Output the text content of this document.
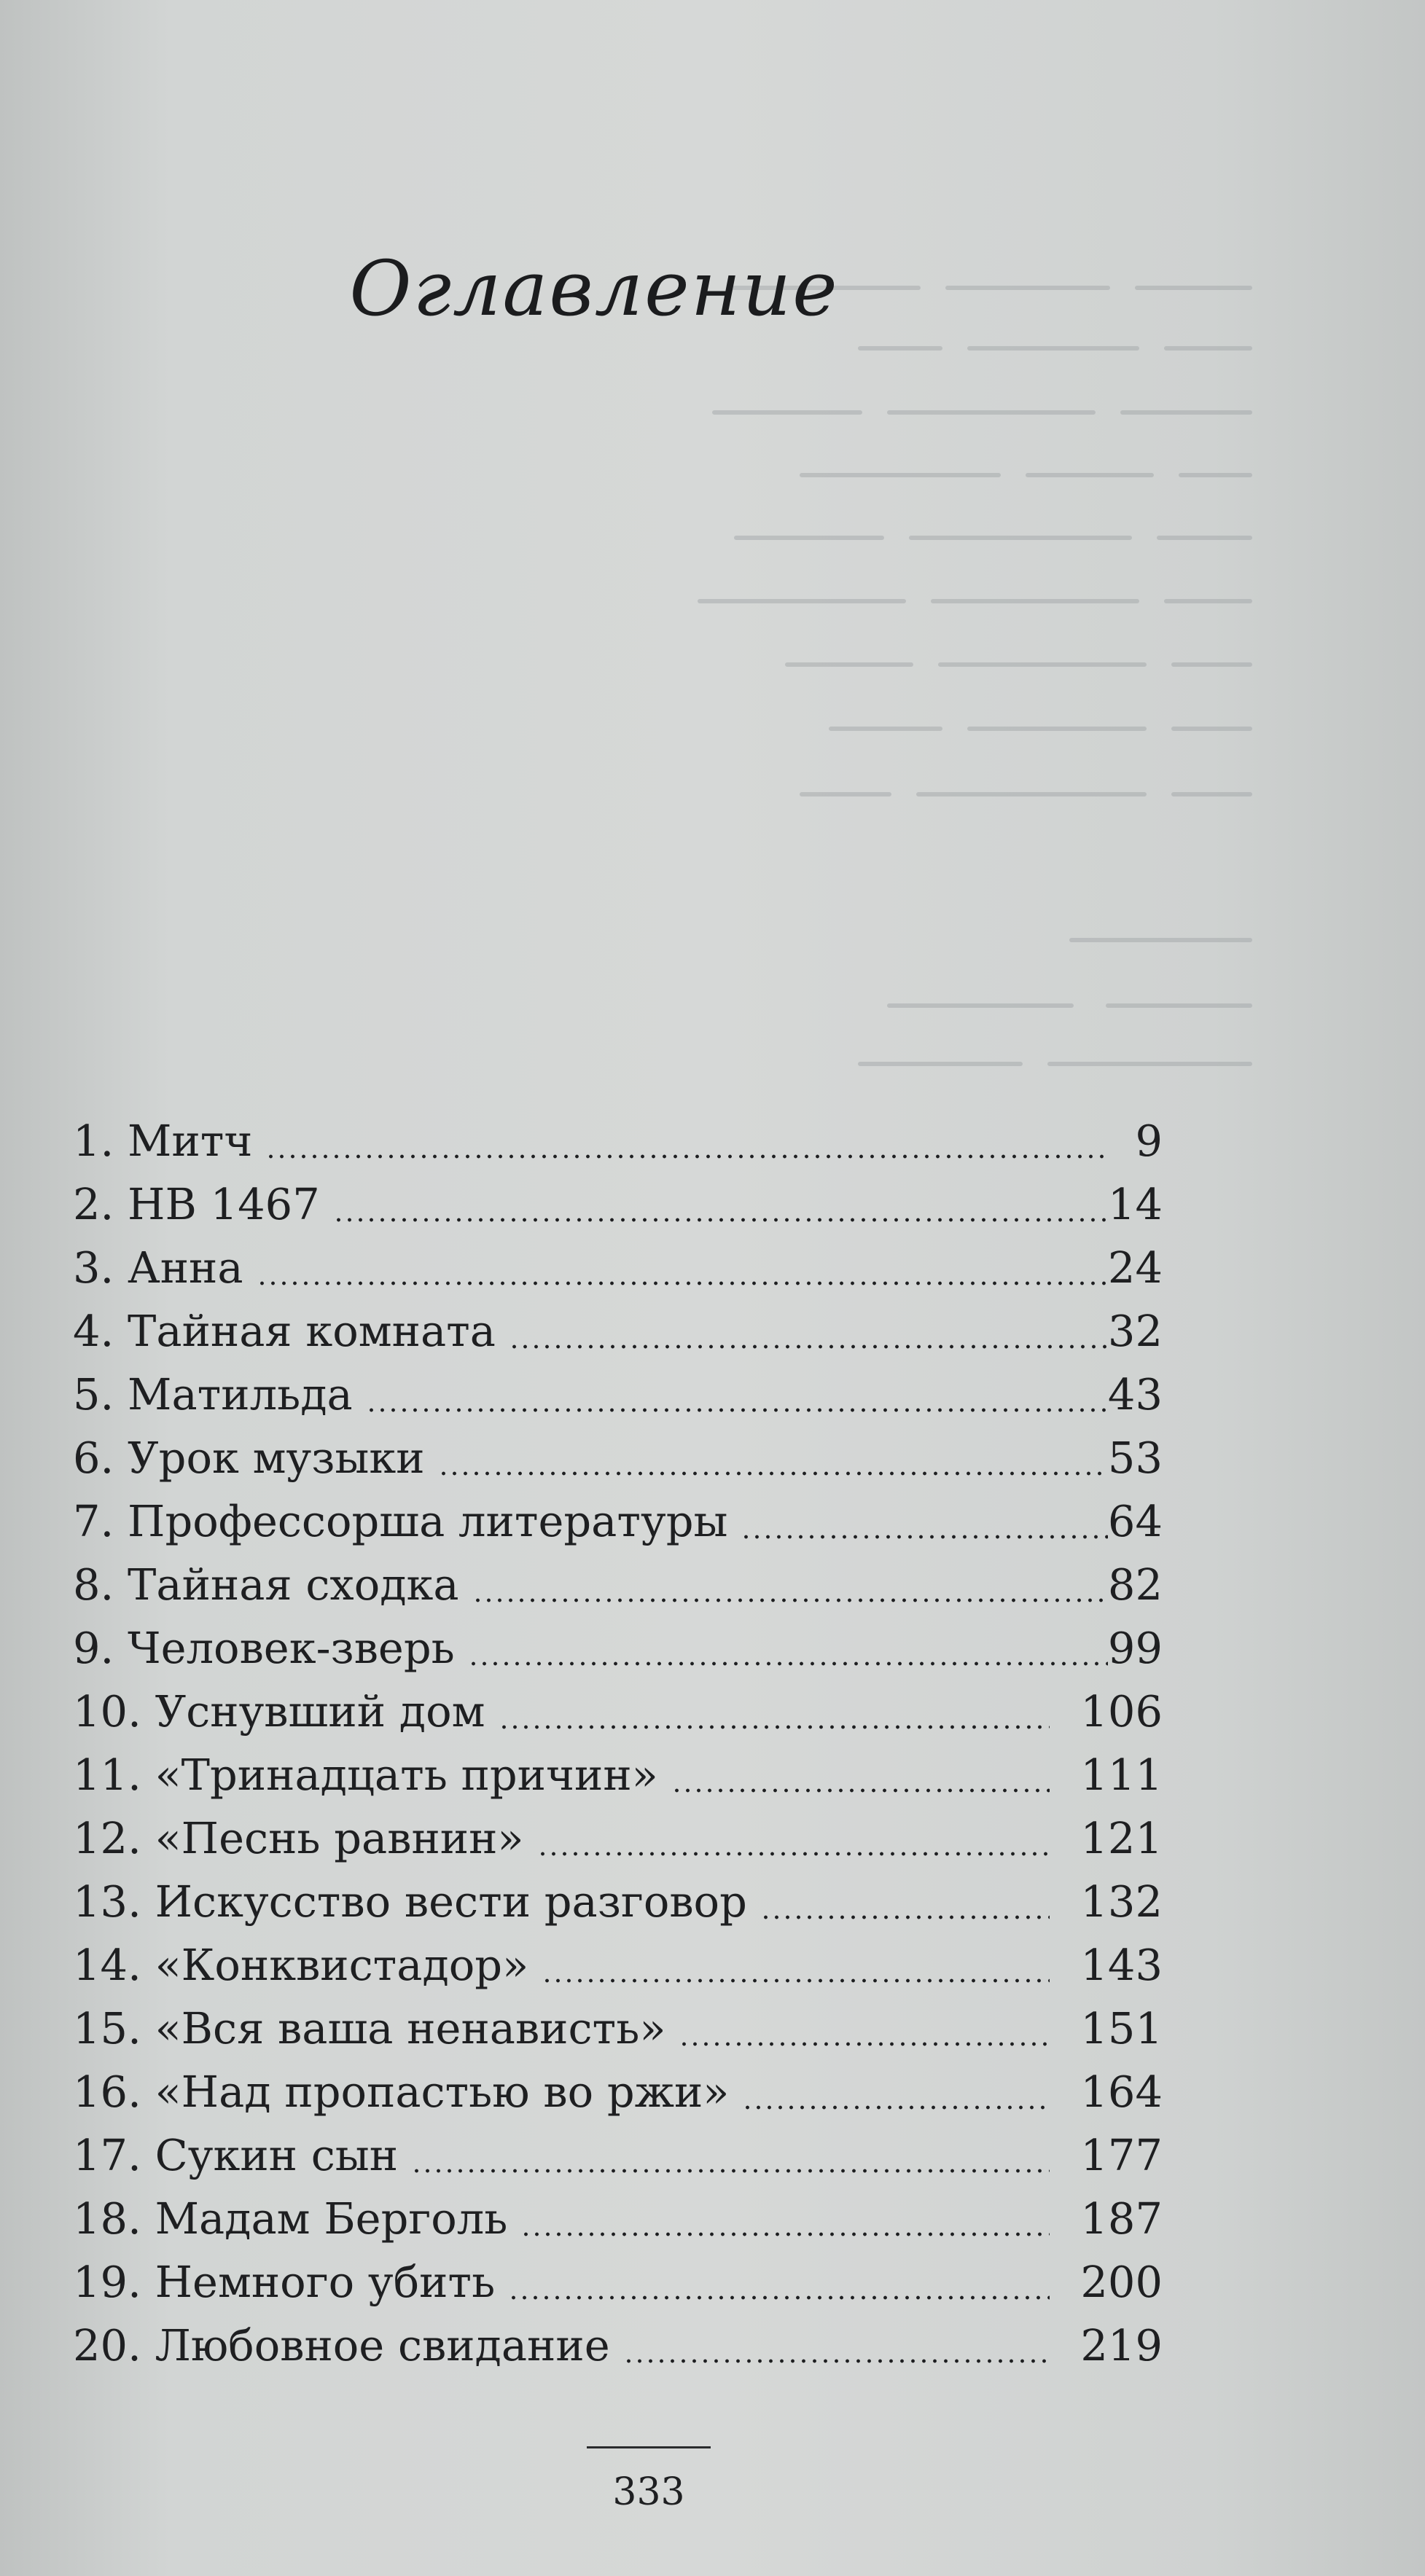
Оглавление
1. Митч	9
2. НВ 1467	14
3. Анна	24
4. Тайная комната	32
5. Матильда	43
6. Урок музыки	53
7. Профессорша литературы	64
8. Тайная сходка	82
9. Человек-зверь	99
10. Уснувший дом	106
11. «Тринадцать причин»	111
12. «Песнь равнин»	121
13. Искусство вести разговор	132
14. «Конквистадор»	143
15. «Вся ваша ненависть»	151
16. «Над пропастью во ржи»	164
17. Сукин сын	177
18. Мадам Берголь	187
19. Немного убить	200
20. Любовное свидание	219
333
